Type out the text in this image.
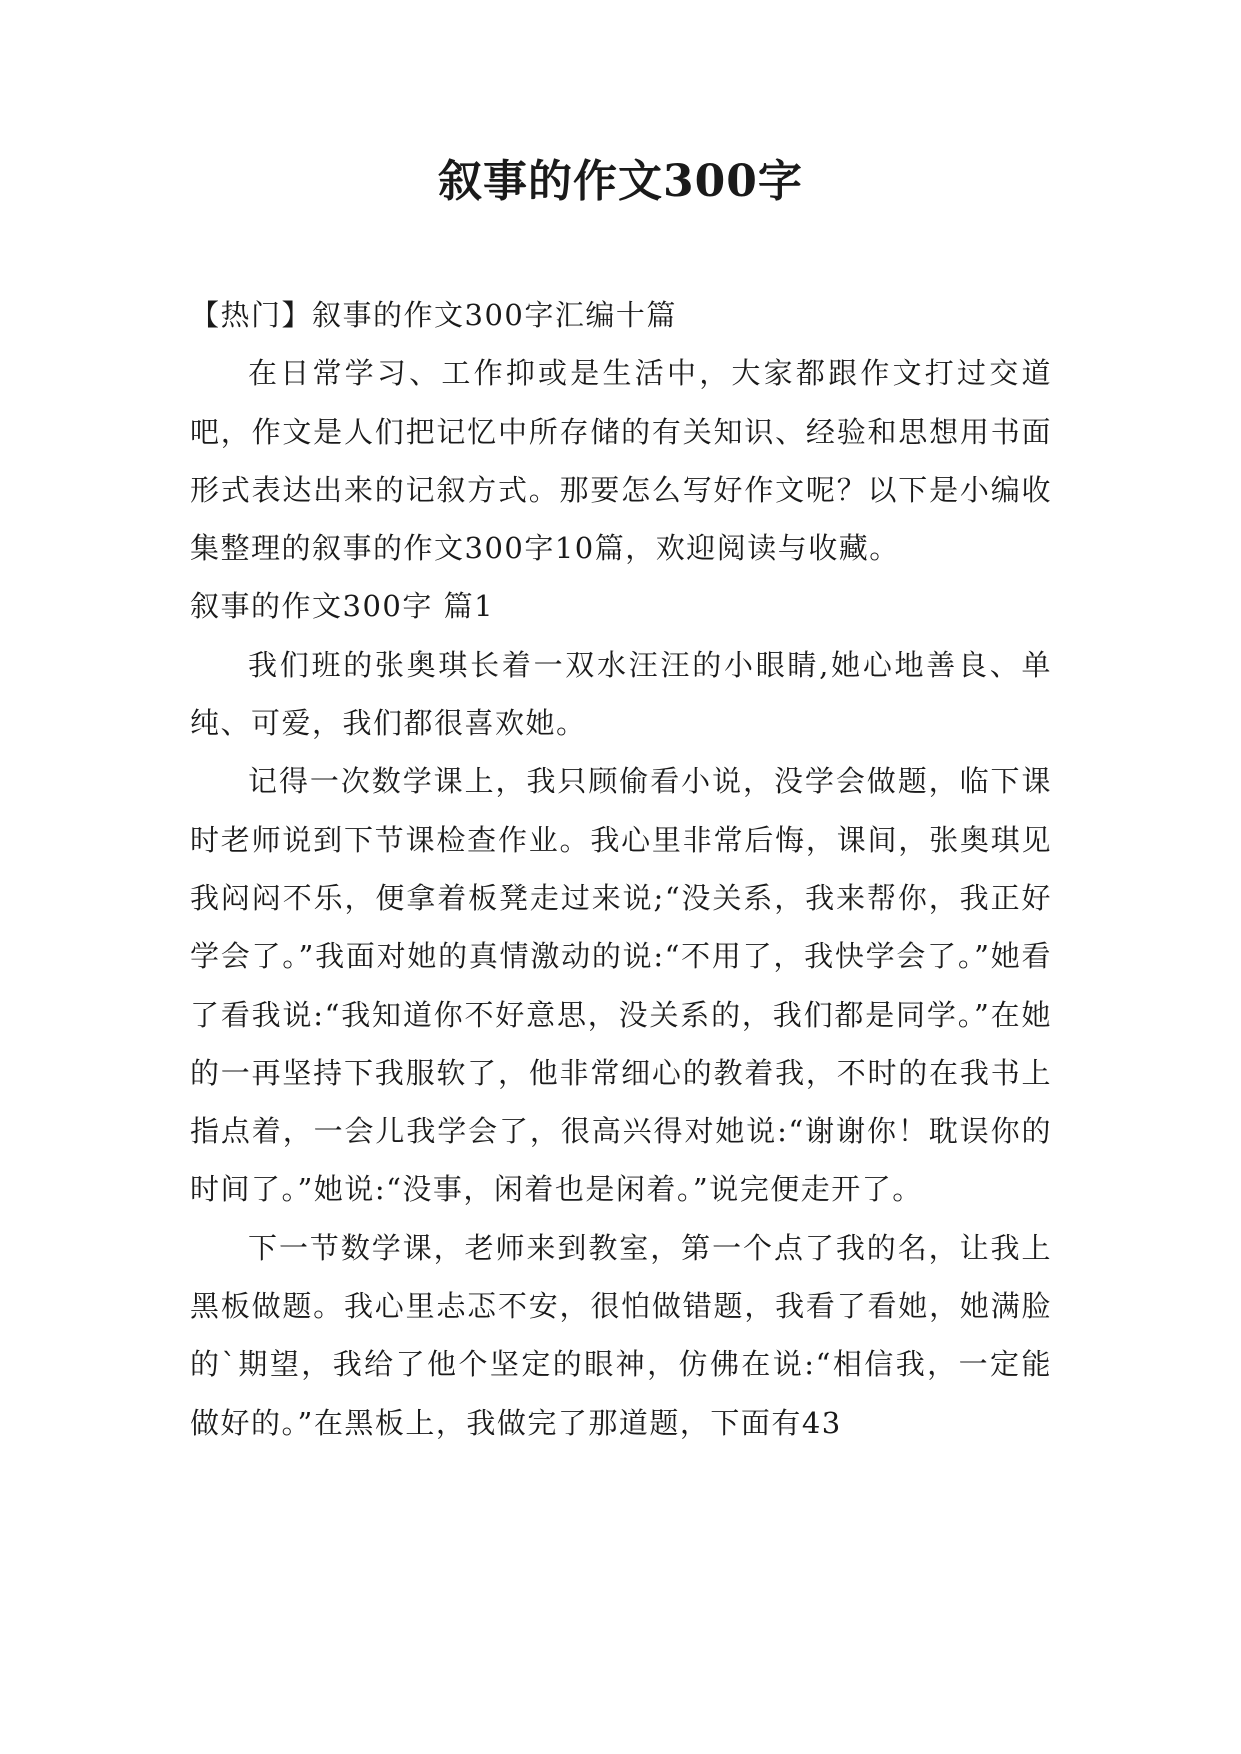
叙事的作文300字

【热门】叙事的作文300字汇编十篇

在日常学习、工作抑或是生活中，大家都跟作文打过交道吧，作文是人们把记忆中所存储的有关知识、经验和思想用书面形式表达出来的记叙方式。那要怎么写好作文呢？以下是小编收集整理的叙事的作文300字10篇，欢迎阅读与收藏。

叙事的作文300字 篇1

我们班的张奥琪长着一双水汪汪的小眼睛,她心地善良、单纯、可爱，我们都很喜欢她。

记得一次数学课上，我只顾偷看小说，没学会做题，临下课时老师说到下节课检查作业。我心里非常后悔，课间，张奥琪见我闷闷不乐，便拿着板凳走过来说;“没关系，我来帮你，我正好学会了。”我面对她的真情激动的说:“不用了，我快学会了。”她看了看我说:“我知道你不好意思，没关系的，我们都是同学。”在她的一再坚持下我服软了，他非常细心的教着我，不时的在我书上指点着，一会儿我学会了，很高兴得对她说:“谢谢你！耽误你的时间了。”她说:“没事，闲着也是闲着。”说完便走开了。

下一节数学课，老师来到教室，第一个点了我的名，让我上黑板做题。我心里忐忑不安，很怕做错题，我看了看她，她满脸的`期望，我给了他个坚定的眼神，仿佛在说:“相信我，一定能做好的。”在黑板上，我做完了那道题，下面有43
